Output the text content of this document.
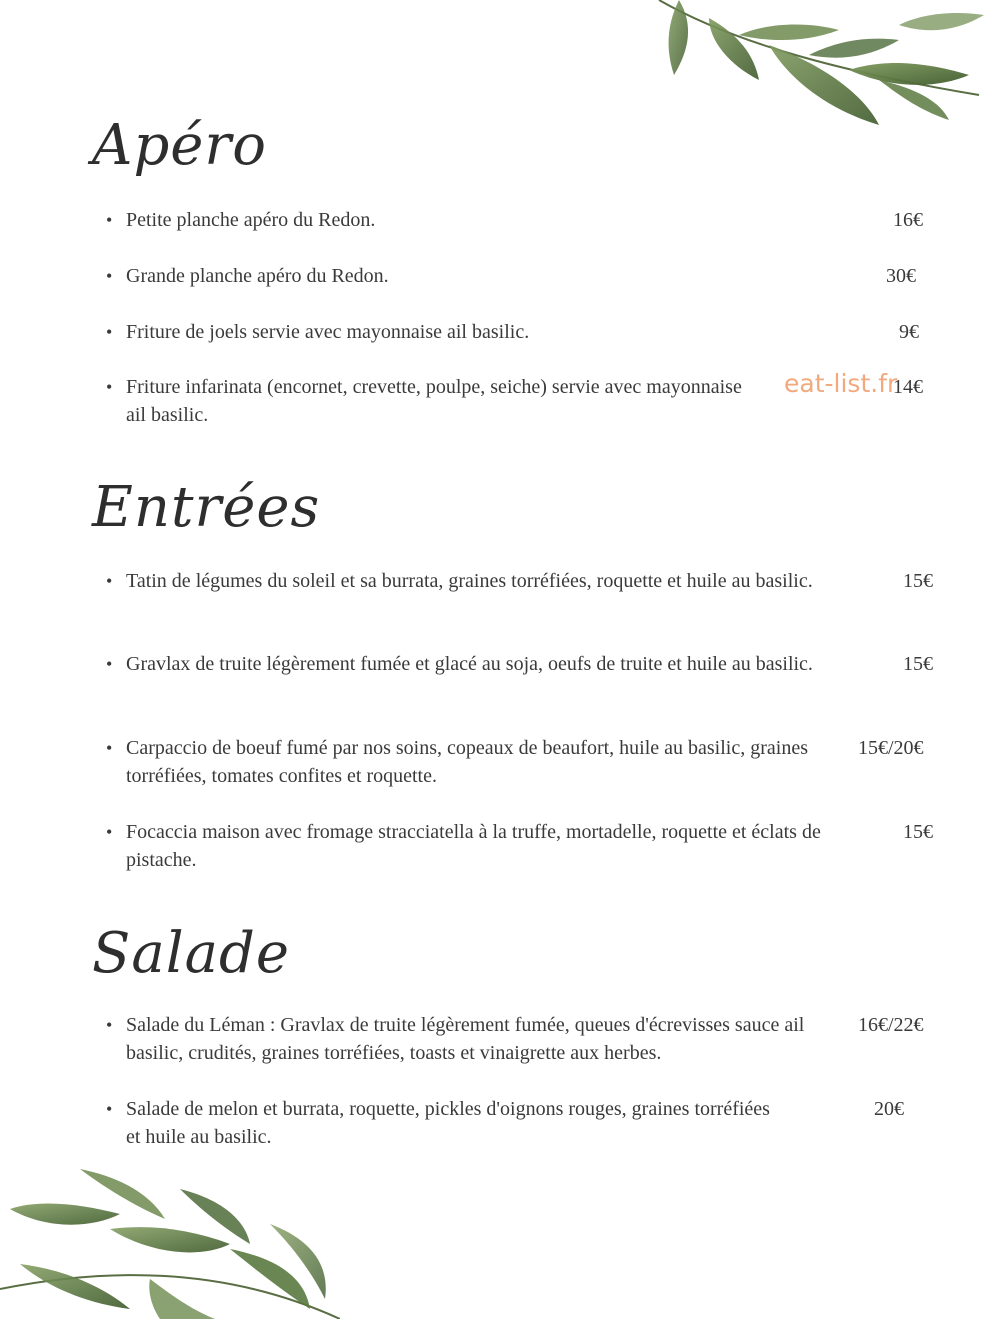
Apéro
• Petite planche apéro du Redon.	16€
• Grande planche apéro du Redon.	30€
• Friture de joels servie avec mayonnaise ail basilic.	9€
• Friture infarinata (encornet, crevette, poulpe, seiche) servie avec mayonnaise ail basilic.
14€
eat-list.fr
Entrées
• Tatin de légumes du soleil et sa burrata, graines torréfiées, roquette et huile au basilic.	15€
• Gravlax de truite légèrement fumée et glacé au soja, oeufs de truite et huile au basilic.	15€
• Carpaccio de boeuf fumé par nos soins, copeaux de beaufort, huile au basilic, graines torréfiées, tomates confites et roquette.
15€/20€
• Focaccia maison avec fromage stracciatella à la truffe, mortadelle, roquette et éclats de pistache.
15€
Salade
• Salade du Léman : Gravlax de truite légèrement fumée, queues d'écrevisses sauce ail basilic, crudités, graines torréfiées, toasts et vinaigrette aux herbes.
16€/22€
• Salade de melon et burrata, roquette, pickles d'oignons rouges, graines torréfiées et huile au basilic.
20€
